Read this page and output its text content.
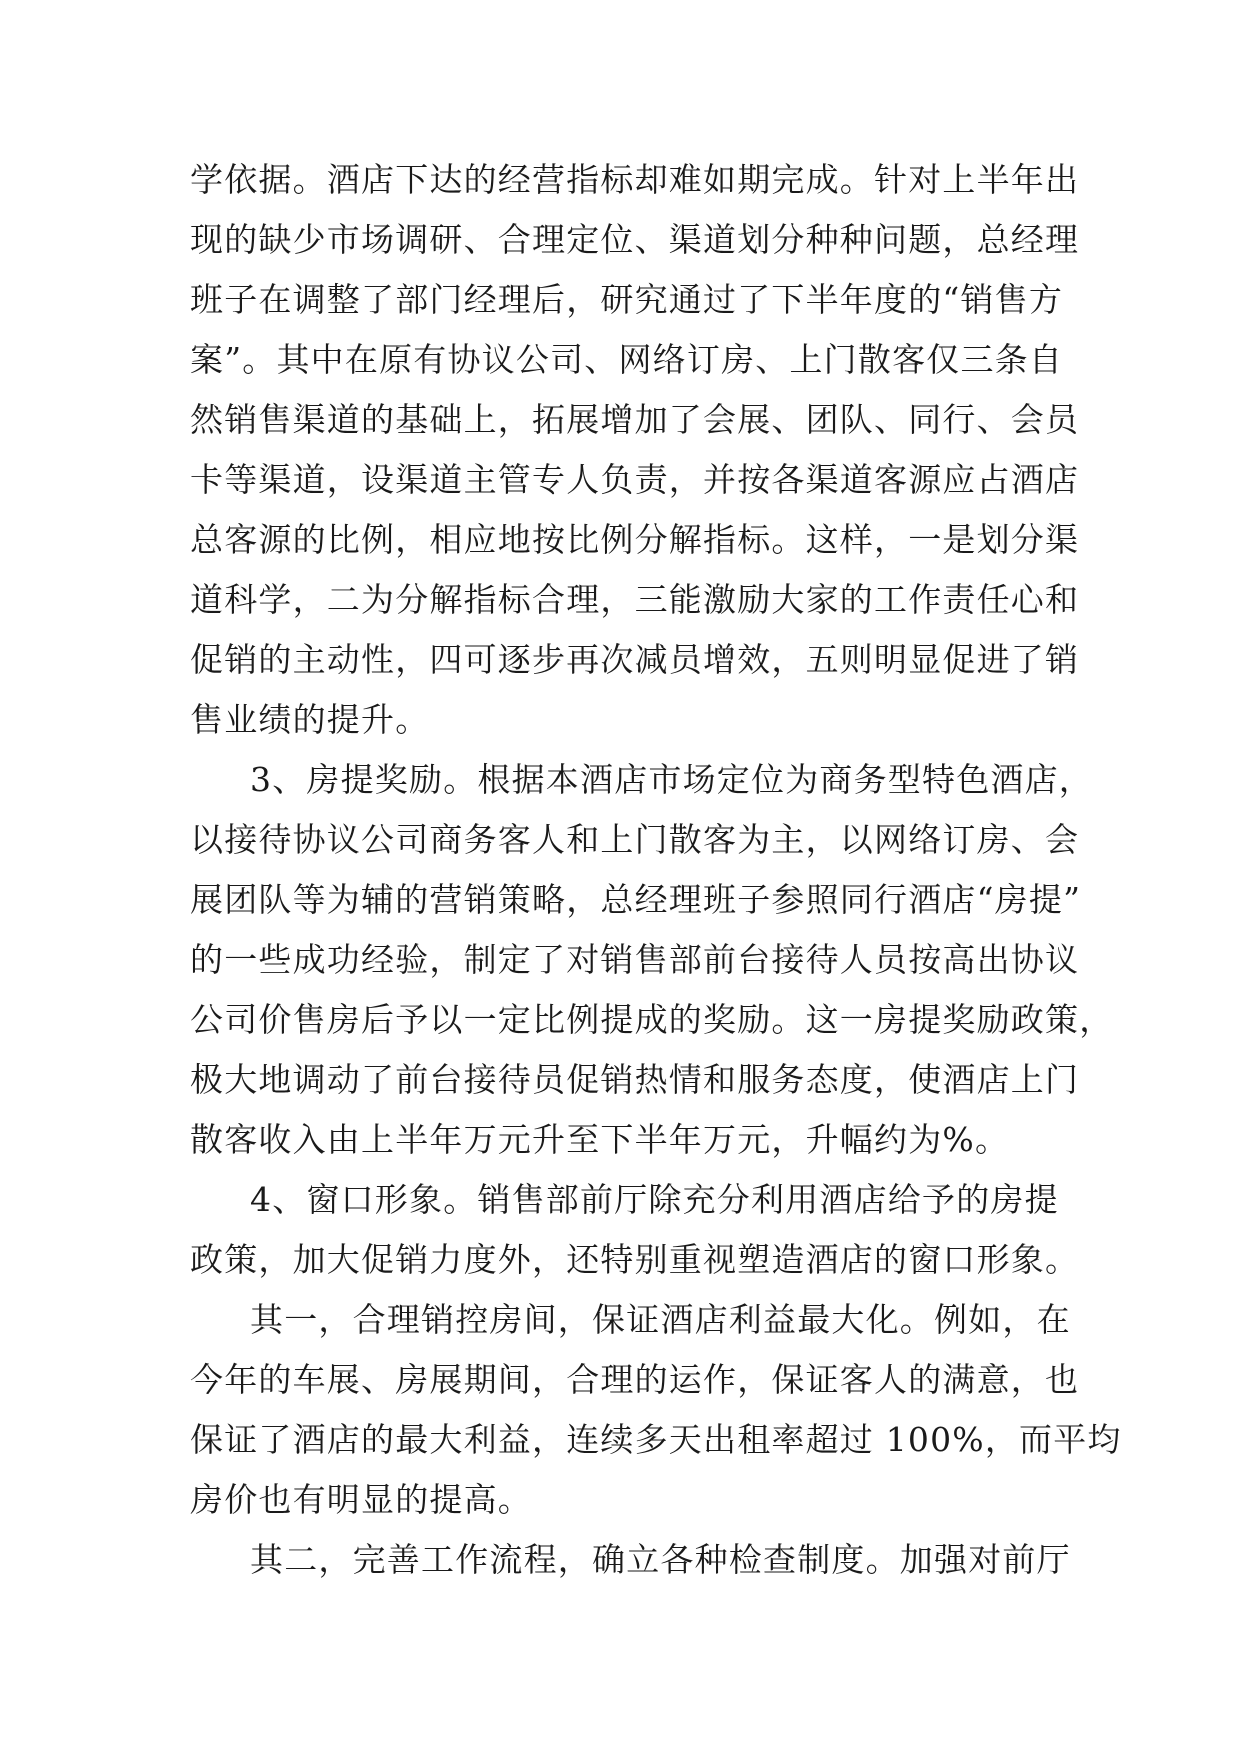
学依据。酒店下达的经营指标却难如期完成。针对上半年出
现的缺少市场调研、合理定位、渠道划分种种问题，总经理
班子在调整了部门经理后，研究通过了下半年度的“销售方
案”。其中在原有协议公司、网络订房、上门散客仅三条自
然销售渠道的基础上，拓展增加了会展、团队、同行、会员
卡等渠道，设渠道主管专人负责，并按各渠道客源应占酒店
总客源的比例，相应地按比例分解指标。这样，一是划分渠
道科学，二为分解指标合理，三能激励大家的工作责任心和
促销的主动性，四可逐步再次减员增效，五则明显促进了销
售业绩的提升。
3、房提奖励。根据本酒店市场定位为商务型特色酒店，
以接待协议公司商务客人和上门散客为主，以网络订房、会
展团队等为辅的营销策略，总经理班子参照同行酒店“房提”
的一些成功经验，制定了对销售部前台接待人员按高出协议
公司价售房后予以一定比例提成的奖励。这一房提奖励政策，
极大地调动了前台接待员促销热情和服务态度，使酒店上门
散客收入由上半年万元升至下半年万元，升幅约为%。
4、窗口形象。销售部前厅除充分利用酒店给予的房提
政策，加大促销力度外，还特别重视塑造酒店的窗口形象。
其一，合理销控房间，保证酒店利益最大化。例如，在
今年的车展、房展期间，合理的运作，保证客人的满意，也
保证了酒店的最大利益，连续多天出租率超过 100%，而平均
房价也有明显的提高。
其二，完善工作流程，确立各种检查制度。加强对前厅
